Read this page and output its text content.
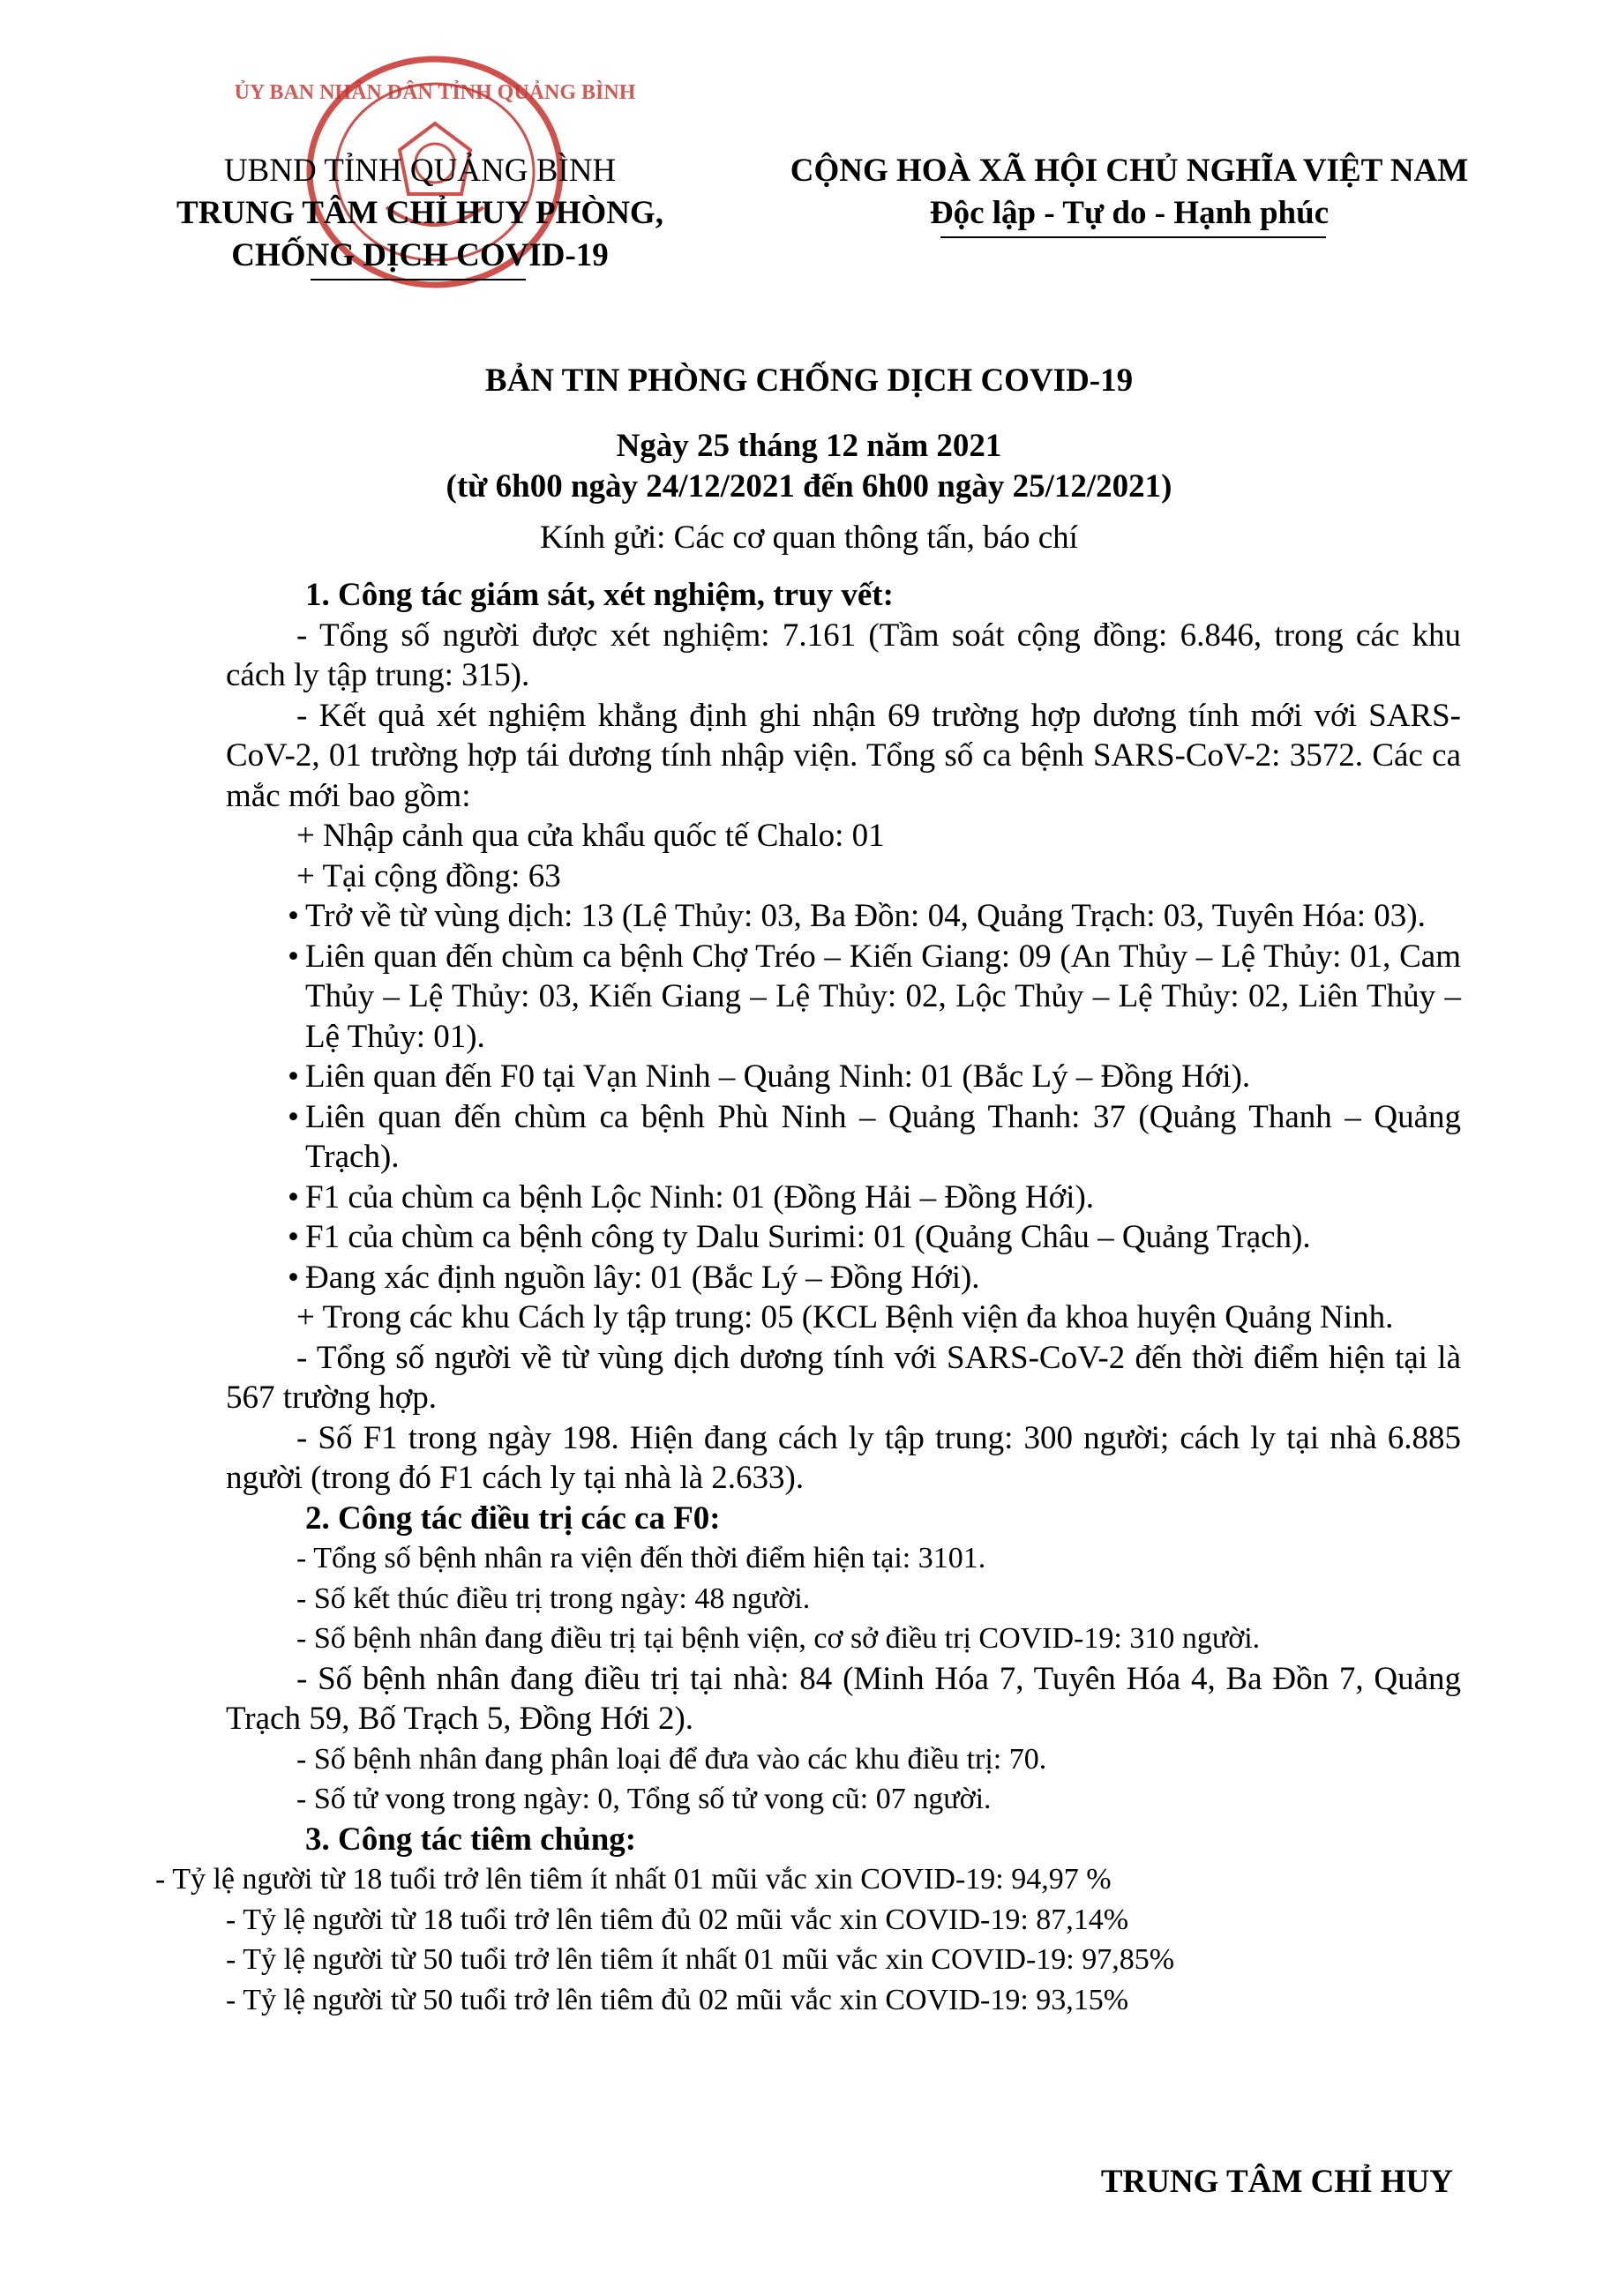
ỦY BAN NHÂN DÂN TỈNH QUẢNG BÌNH
UBND TỈNH QUẢNG BÌNH
TRUNG TÂM CHỈ HUY PHÒNG,
CHỐNG DỊCH COVID-19
CỘNG HOÀ XÃ HỘI CHỦ NGHĨA VIỆT NAM
Độc lập - Tự do - Hạnh phúc
BẢN TIN PHÒNG CHỐNG DỊCH COVID-19
Ngày 25 tháng 12 năm 2021
(từ 6h00 ngày 24/12/2021 đến 6h00 ngày 25/12/2021)
Kính gửi: Các cơ quan thông tấn, báo chí

1. Công tác giám sát, xét nghiệm, truy vết:

- Tổng số người được xét nghiệm: 7.161 (Tầm soát cộng đồng: 6.846, trong các khu cách ly tập trung: 315).

- Kết quả xét nghiệm khẳng định ghi nhận 69 trường hợp dương tính mới với SARS-CoV-2, 01 trường hợp tái dương tính nhập viện. Tổng số ca bệnh SARS-CoV-2: 3572. Các ca mắc mới bao gồm:

+ Nhập cảnh qua cửa khẩu quốc tế Chalo: 01

+ Tại cộng đồng: 63

• Trở về từ vùng dịch: 13 (Lệ Thủy: 03, Ba Đồn: 04, Quảng Trạch: 03, Tuyên Hóa: 03).

• Liên quan đến chùm ca bệnh Chợ Tréo – Kiến Giang: 09 (An Thủy – Lệ Thủy: 01, Cam Thủy – Lệ Thủy: 03, Kiến Giang – Lệ Thủy: 02, Lộc Thủy – Lệ Thủy: 02, Liên Thủy – Lệ Thủy: 01).

• Liên quan đến F0 tại Vạn Ninh – Quảng Ninh: 01 (Bắc Lý – Đồng Hới).

• Liên quan đến chùm ca bệnh Phù Ninh – Quảng Thanh: 37 (Quảng Thanh – Quảng Trạch).

• F1 của chùm ca bệnh Lộc Ninh: 01 (Đồng Hải – Đồng Hới).

• F1 của chùm ca bệnh công ty Dalu Surimi: 01 (Quảng Châu – Quảng Trạch).

• Đang xác định nguồn lây: 01 (Bắc Lý – Đồng Hới).

+ Trong các khu Cách ly tập trung: 05 (KCL Bệnh viện đa khoa huyện Quảng Ninh.

- Tổng số người về từ vùng dịch dương tính với SARS-CoV-2 đến thời điểm hiện tại là 567 trường hợp.

- Số F1 trong ngày 198. Hiện đang cách ly tập trung: 300 người; cách ly tại nhà 6.885 người (trong đó F1 cách ly tại nhà là 2.633).

2. Công tác điều trị các ca F0:

- Tổng số bệnh nhân ra viện đến thời điểm hiện tại: 3101.

- Số kết thúc điều trị trong ngày: 48 người.

- Số bệnh nhân đang điều trị tại bệnh viện, cơ sở điều trị COVID-19: 310 người.

- Số bệnh nhân đang điều trị tại nhà: 84 (Minh Hóa 7, Tuyên Hóa 4, Ba Đồn 7, Quảng Trạch 59, Bố Trạch 5, Đồng Hới 2).

- Số bệnh nhân đang phân loại để đưa vào các khu điều trị: 70.

- Số tử vong trong ngày: 0, Tổng số tử vong cũ: 07 người.

3. Công tác tiêm chủng:

- Tỷ lệ người từ 18 tuổi trở lên tiêm ít nhất 01 mũi vắc xin COVID-19: 94,97 %

- Tỷ lệ người từ 18 tuổi trở lên tiêm đủ 02 mũi vắc xin COVID-19: 87,14%

- Tỷ lệ người từ 50 tuổi trở lên tiêm ít nhất 01 mũi vắc xin COVID-19: 97,85%

- Tỷ lệ người từ 50 tuổi trở lên tiêm đủ 02 mũi vắc xin COVID-19: 93,15%

TRUNG TÂM CHỈ HUY
